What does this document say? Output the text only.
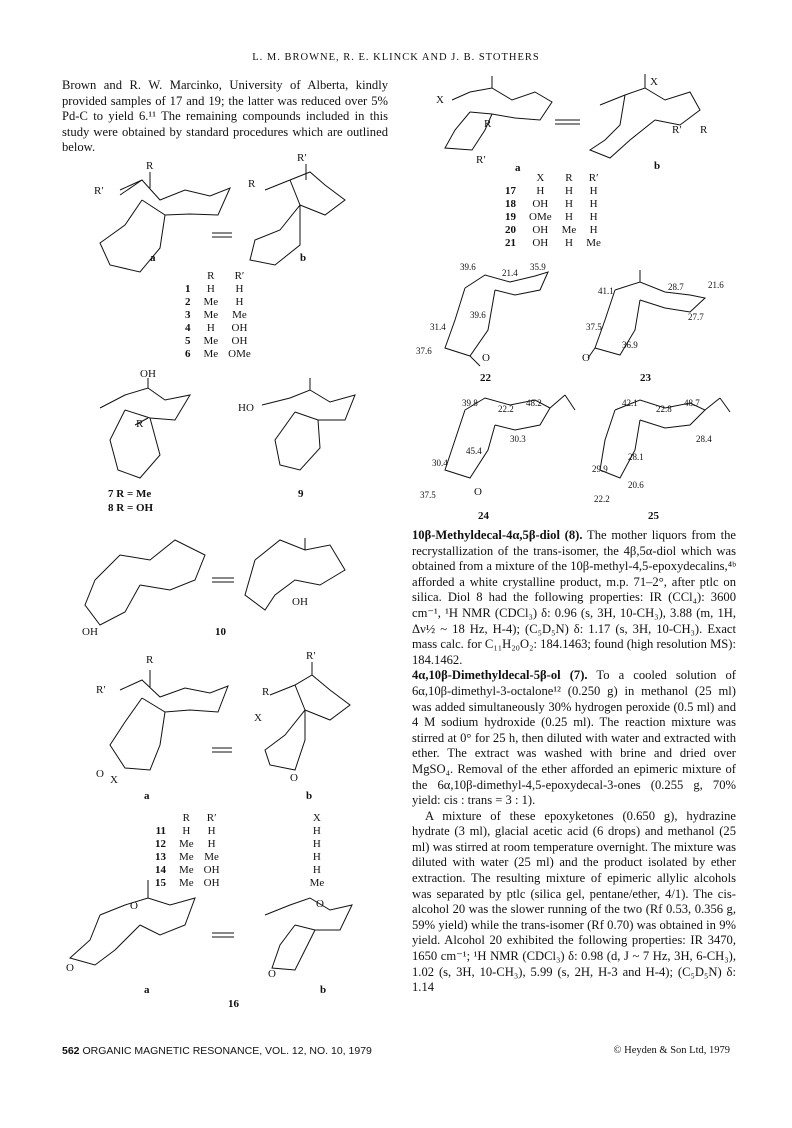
L. M. BROWNE, R. E. KLINCK AND J. B. STOTHERS

Brown and R. W. Marcinko, University of Alberta, kindly provided samples of 17 and 19; the latter was reduced over 5% Pd-C to yield 6.¹¹ The remaining compounds included in this study were obtained by standard procedures which are outlined below.

R
R′
a
R′
R
b
	R	R′
1	H	H
2	Me	H
3	Me	Me
4	H	OH
5	Me	OH
6	Me	OMe
OH
R
7 R = Me
8 R = OH
HO
9
OH
OH
10
R
R′
O X
a
R′
R
X
O
b
	R	R′		X
11	H	H		H
12	Me	H		H
13	Me	Me		H
14	Me	OH		H
15	Me	OH		Me
O
O
O
O
a	b
16
X
R
R′
a
X
R′ R
b
	X	R	R′
17	H	H	H
18	OH	H	H
19	OMe	H	H
20	OH	Me	H
21	OH	H	Me
39.6
21.4
35.9
39.6
31.4
37.6
O
22
41.1	28.7	21.6
27.7
37.5
36.9
O
23
39.8
22.2
48.2
30.3
45.4
30.4
37.5	O
24
42.1
22.8
48.7
28.4
28.1
20.6
29.9
22.2
25

10β-Methyldecal-4α,5β-diol (8). The mother liquors from the recrystallization of the trans-isomer, the 4β,5α-diol which was obtained from a mixture of the 10β-methyl-4,5-epoxydecalins,⁴ᵇ afforded a white crystalline product, m.p. 71–2°, after ptlc on silica. Diol 8 had the following properties: IR (CCl₄): 3600 cm⁻¹, ¹H NMR (CDCl₃) δ: 0.96 (s, 3H, 10-CH₃), 3.88 (m, 1H, Δν½ ~ 18 Hz, H-4); (C₅D₅N) δ: 1.17 (s, 3H, 10-CH₃). Exact mass calc. for C₁₁H₂₀O₂: 184.1463; found (high resolution MS): 184.1462.

4α,10β-Dimethyldecal-5β-ol (7). To a cooled solution of 6α,10β-dimethyl-3-octalone¹² (0.250 g) in methanol (25 ml) was added simultaneously 30% hydrogen peroxide (0.5 ml) and 4 M sodium hydroxide (0.25 ml). The reaction mixture was stirred at 0° for 25 h, then diluted with water and extracted with ether. The extract was washed with brine and dried over MgSO₄. Removal of the ether afforded an epimeric mixture of the 6α,10β-dimethyl-4,5-epoxydecal-3-ones (0.255 g, 70% yield: cis : trans = 3 : 1).

A mixture of these epoxyketones (0.650 g), hydrazine hydrate (3 ml), glacial acetic acid (6 drops) and methanol (25 ml) was stirred at room temperature overnight. The mixture was diluted with water (25 ml) and the product isolated by ether extraction. The resulting mixture of epimeric allylic alcohols was separated by ptlc (silica gel, pentane/ether, 4/1). The cis-alcohol 20 was the slower running of the two (Rf 0.53, 0.356 g, 59% yield) while the trans-isomer (Rf 0.70) was obtained in 9% yield. Alcohol 20 exhibited the following properties: IR 3470, 1650 cm⁻¹; ¹H NMR (CDCl₃) δ: 0.98 (d, J ~ 7 Hz, 3H, 6-CH₃), 1.02 (s, 3H, 10-CH₃), 5.99 (s, 2H, H-3 and H-4); (C₅D₅N) δ: 1.14

562 ORGANIC MAGNETIC RESONANCE, VOL. 12, NO. 10, 1979	© Heyden & Son Ltd, 1979
